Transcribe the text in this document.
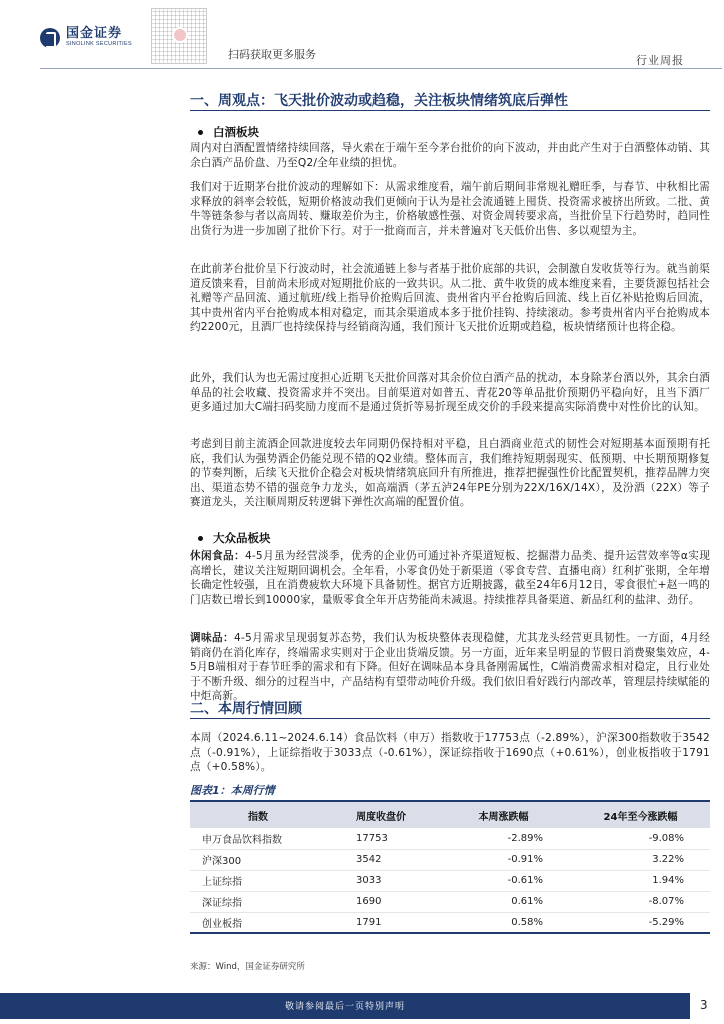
国金证券
SINOLINK SECURITIES
扫码获取更多服务	行业周报
一、周观点：飞天批价波动或趋稳，关注板块情绪筑底后弹性
白酒板块

周内对白酒配置情绪持续回落，导火索在于端午至今茅台批价的向下波动，并由此产生对于白酒整体动销、其余白酒产品价盘、乃至Q2/全年业绩的担忧。

我们对于近期茅台批价波动的理解如下：从需求维度看，端午前后期间非常规礼赠旺季，与春节、中秋相比需求释放的斜率会较低，短期价格波动我们更倾向于认为是社会流通链上囤货、投资需求被挤出所致。二批、黄牛等链条参与者以高周转、赚取差价为主，价格敏感性强、对资金周转要求高，当批价呈下行趋势时，趋同性出货行为进一步加剧了批价下行。对于一批商而言，并未普遍对飞天低价出售、多以观望为主。

在此前茅台批价呈下行波动时，社会流通链上参与者基于批价底部的共识，会制激自发收货等行为。就当前渠道反馈来看，目前尚未形成对短期批价底的一致共识。从二批、黄牛收货的成本维度来看，主要货源包括社会礼赠等产品回流、通过航班/线上指导价抢购后回流、贵州省内平台抢购后回流、线上百亿补贴抢购后回流，其中贵州省内平台抢购成本相对稳定，而其余渠道成本多于批价挂钩、持续滚动。参考贵州省内平台抢购成本约2200元，且酒厂也持续保持与经销商沟通，我们预计飞天批价近期或趋稳，板块情绪预计也将企稳。

此外，我们认为也无需过度担心近期飞天批价回落对其余价位白酒产品的扰动，本身除茅台酒以外，其余白酒单品的社会收藏、投资需求并不突出。目前渠道对如普五、青花20等单品批价预期仍平稳向好，且当下酒厂更多通过加大C端扫码奖励力度而不是通过货折等易折现至成交价的手段来提高实际消费中对性价比的认知。

考虑到目前主流酒企回款进度较去年同期仍保持相对平稳，且白酒商业范式的韧性会对短期基本面预期有托底，我们认为强势酒企仍能兑现不错的Q2业绩。整体而言，我们维持短期弱现实、低预期、中长期预期修复的节奏判断，后续飞天批价企稳会对板块情绪筑底回升有所推进，推荐把握强性价比配置契机，推荐品牌力突出、渠道态势不错的强竞争力龙头，如高端酒（茅五泸24年PE分别为22X/16X/14X），及汾酒（22X）等子赛道龙头，关注顺周期反转逻辑下弹性次高端的配置价值。

大众品板块

休闲食品：4-5月虽为经营淡季，优秀的企业仍可通过补齐渠道短板、挖掘潜力品类、提升运营效率等α实现高增长，建议关注短期回调机会。全年看，小零食仍处于新渠道（零食专营、直播电商）红利扩张期，全年增长确定性较强，且在消费疲软大环境下具备韧性。据官方近期披露，截至24年6月12日，零食很忙+赵一鸣的门店数已增长到10000家，量贩零食全年开店势能尚未减退。持续推荐具备渠道、新品红利的盐津、劲仔。

调味品：4-5月需求呈现弱复苏态势，我们认为板块整体表现稳健，尤其龙头经营更具韧性。一方面，4月经销商仍在消化库存，终端需求实则对于企业出货端反馈。另一方面，近年来呈明显的节假日消费聚集效应，4-5月B端相对于春节旺季的需求和有下降。但好在调味品本身具备刚需属性，C端消费需求相对稳定，且行业处于不断升级、细分的过程当中，产品结构有望带动吨价升级。我们依旧看好践行内部改革，管理层持续赋能的中炬高新。

二、本周行情回顾

本周（2024.6.11~2024.6.14）食品饮料（申万）指数收于17753点（-2.89%），沪深300指数收于3542点（-0.91%），上证综指收于3033点（-0.61%），深证综指收于1690点（+0.61%），创业板指收于1791点（+0.58%）。

图表1：本周行情
指数	周度收盘价	本周涨跌幅	24年至今涨跌幅
申万食品饮料指数	17753	-2.89%	-9.08%
沪深300	3542	-0.91%	3.22%
上证综指	3033	-0.61%	1.94%
深证综指	1690	0.61%	-8.07%
创业板指	1791	0.58%	-5.29%
来源：Wind，国金证券研究所
敬请参阅最后一页特别声明	3
